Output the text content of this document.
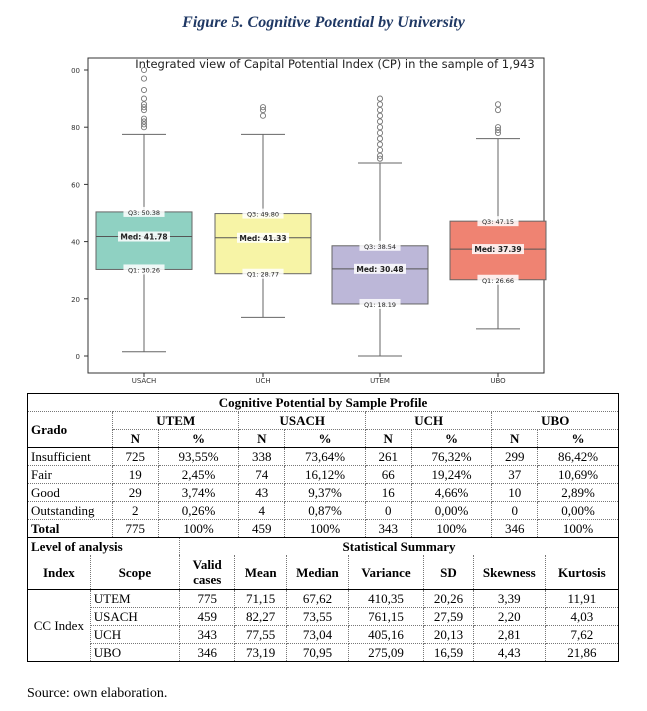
Figure 5. Cognitive Potential by University
Integrated view of Capital Potential Index (CP) in the sample of 1,943
00
80
60
40
20
0
Q3: 50.38
Med: 41.78
Q1: 30.26
USACH
Q3: 49.80
Med: 41.33
Q1: 28.77
UCH
Q3: 38.54
Med: 30.48
Q1: 18.19
UTEM
Q3: 47.15
Med: 37.39
Q1: 26.66
UBO
Cognitive Potential by Sample Profile								
Grado	UTEM		USACH		UCH		UBO	
	N	%	N	%	N	%	N	%
Insufficient	725	93,55%	338	73,64%	261	76,32%	299	86,42%
Fair	19	2,45%	74	16,12%	66	19,24%	37	10,69%
Good	29	3,74%	43	9,37%	16	4,66%	10	2,89%
Outstanding	2	0,26%	4	0,87%	0	0,00%	0	0,00%
Total	775	100%	459	100%	343	100%	346	100%
Level of analysis		Statistical Summary						
Index	Scope	Valid cases	Mean	Median	Variance	SD	Skewness	Kurtosis
CC Index	UTEM	775	71,15	67,62	410,35	20,26	3,39	11,91
	USACH	459	82,27	73,55	761,15	27,59	2,20	4,03
	UCH	343	77,55	73,04	405,16	20,13	2,81	7,62
	UBO	346	73,19	70,95	275,09	16,59	4,43	21,86
Source: own elaboration.
